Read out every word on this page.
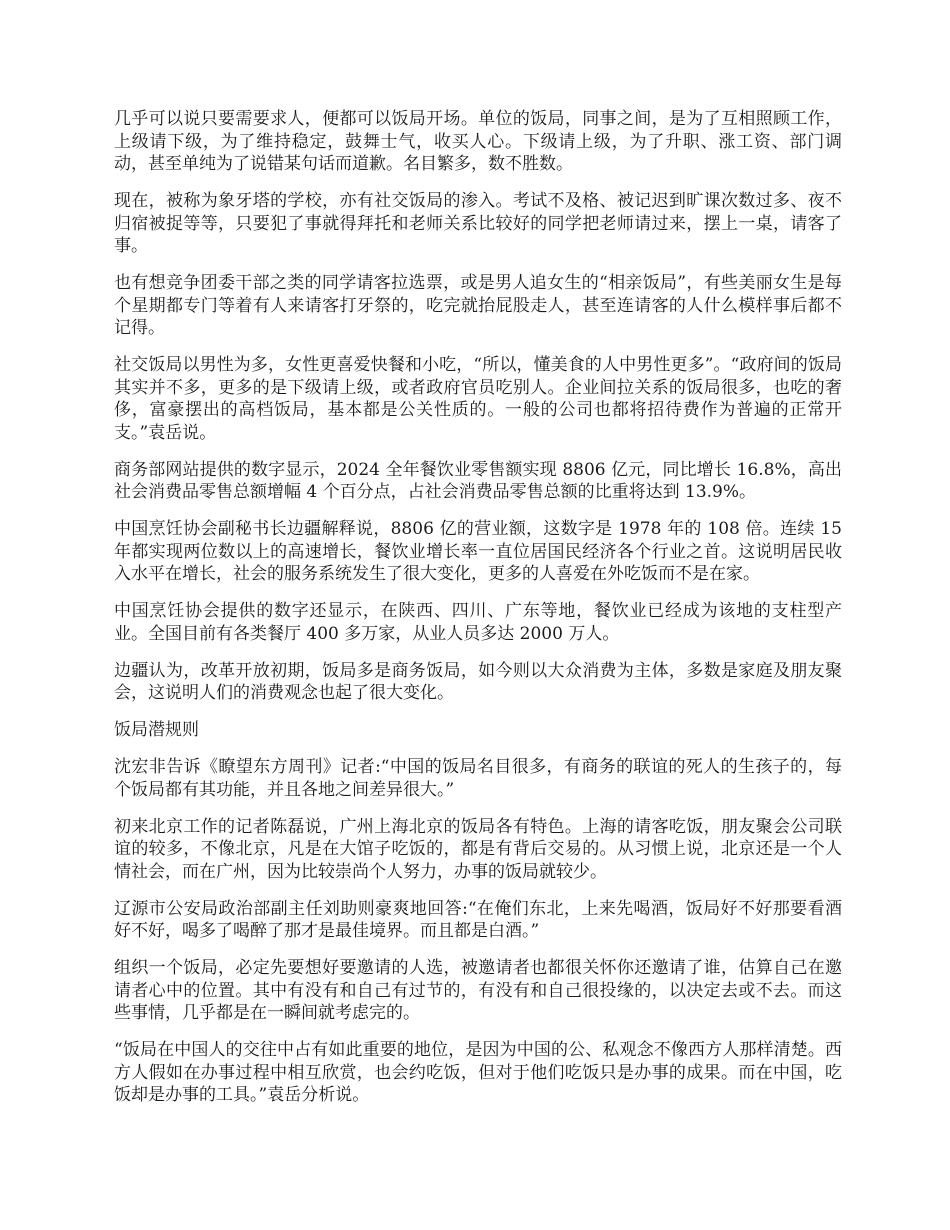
几乎可以说只要需要求人，便都可以饭局开场。单位的饭局，同事之间，是为了互相照顾工作，上级请下级，为了维持稳定，鼓舞士气，收买人心。下级请上级，为了升职、涨工资、部门调动，甚至单纯为了说错某句话而道歉。名目繁多，数不胜数。

现在，被称为象牙塔的学校，亦有社交饭局的渗入。考试不及格、被记迟到旷课次数过多、夜不归宿被捉等等，只要犯了事就得拜托和老师关系比较好的同学把老师请过来，摆上一桌，请客了事。

也有想竞争团委干部之类的同学请客拉选票，或是男人追女生的“相亲饭局”，有些美丽女生是每个星期都专门等着有人来请客打牙祭的，吃完就抬屁股走人，甚至连请客的人什么模样事后都不记得。

社交饭局以男性为多，女性更喜爱快餐和小吃，“所以，懂美食的人中男性更多”。“政府间的饭局其实并不多，更多的是下级请上级，或者政府官员吃别人。企业间拉关系的饭局很多，也吃的奢侈，富豪摆出的高档饭局，基本都是公关性质的。一般的公司也都将招待费作为普遍的正常开支。”袁岳说。

商务部网站提供的数字显示，2024 全年餐饮业零售额实现 8806 亿元，同比增长 16.8%，高出社会消费品零售总额增幅 4 个百分点，占社会消费品零售总额的比重将达到 13.9%。

中国烹饪协会副秘书长边疆解释说，8806 亿的营业额，这数字是 1978 年的 108 倍。连续 15 年都实现两位数以上的高速增长，餐饮业增长率一直位居国民经济各个行业之首。这说明居民收入水平在增长，社会的服务系统发生了很大变化，更多的人喜爱在外吃饭而不是在家。

中国烹饪协会提供的数字还显示，在陕西、四川、广东等地，餐饮业已经成为该地的支柱型产业。全国目前有各类餐厅 400 多万家，从业人员多达 2000 万人。

边疆认为，改革开放初期，饭局多是商务饭局，如今则以大众消费为主体，多数是家庭及朋友聚会，这说明人们的消费观念也起了很大变化。

饭局潜规则

沈宏非告诉《瞭望东方周刊》记者:“中国的饭局名目很多，有商务的联谊的死人的生孩子的，每个饭局都有其功能，并且各地之间差异很大。”

初来北京工作的记者陈磊说，广州上海北京的饭局各有特色。上海的请客吃饭，朋友聚会公司联谊的较多，不像北京，凡是在大馆子吃饭的，都是有背后交易的。从习惯上说，北京还是一个人情社会，而在广州，因为比较崇尚个人努力，办事的饭局就较少。

辽源市公安局政治部副主任刘助则豪爽地回答:“在俺们东北，上来先喝酒，饭局好不好那要看酒好不好，喝多了喝醉了那才是最佳境界。而且都是白酒。”

组织一个饭局，必定先要想好要邀请的人选，被邀请者也都很关怀你还邀请了谁，估算自己在邀请者心中的位置。其中有没有和自己有过节的，有没有和自己很投缘的，以决定去或不去。而这些事情，几乎都是在一瞬间就考虑完的。

“饭局在中国人的交往中占有如此重要的地位，是因为中国的公、私观念不像西方人那样清楚。西方人假如在办事过程中相互欣赏，也会约吃饭，但对于他们吃饭只是办事的成果。而在中国，吃饭却是办事的工具。”袁岳分析说。
